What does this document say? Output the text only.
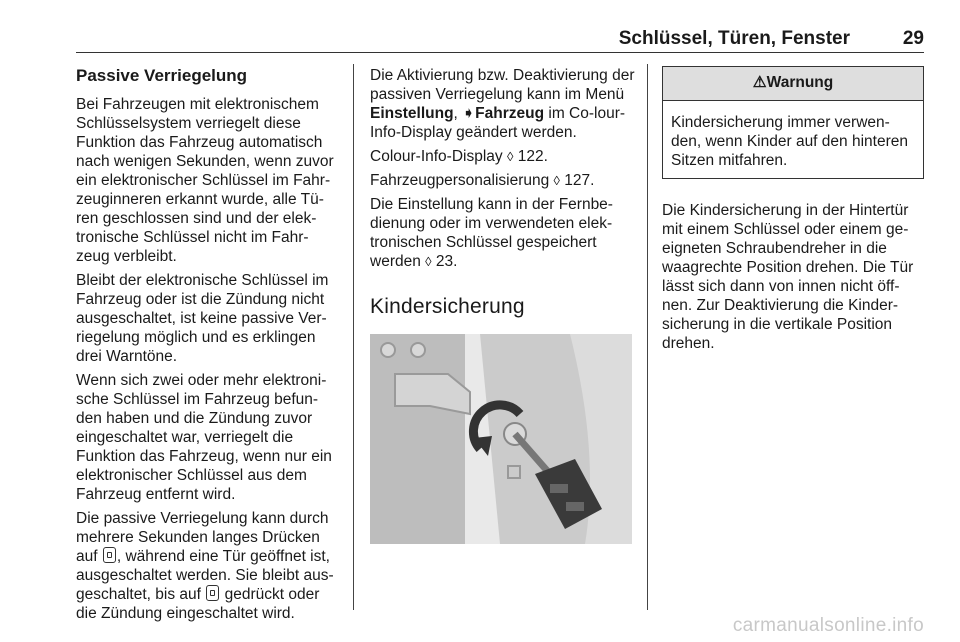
Schlüssel, Türen, Fenster	29
Passive Verriegelung

Bei Fahrzeugen mit elektronischem Schlüsselsystem verriegelt diese Funktion das Fahrzeug automatisch nach wenigen Sekunden, wenn zuvor ein elektronischer Schlüssel im Fahr-zeuginneren erkannt wurde, alle Tü-ren geschlossen sind und der elek-tronische Schlüssel nicht im Fahr-zeug verbleibt.

Bleibt der elektronische Schlüssel im Fahrzeug oder ist die Zündung nicht ausgeschaltet, ist keine passive Ver-riegelung möglich und es erklingen drei Warntöne.

Wenn sich zwei oder mehr elektroni-sche Schlüssel im Fahrzeug befun-den haben und die Zündung zuvor eingeschaltet war, verriegelt die Funktion das Fahrzeug, wenn nur ein elektronischer Schlüssel aus dem Fahrzeug entfernt wird.

Die passive Verriegelung kann durch mehrere Sekunden langes Drücken auf , während eine Tür geöffnet ist, ausgeschaltet werden. Sie bleibt aus-geschaltet, bis auf gedrückt oder die Zündung eingeschaltet wird.

Die Aktivierung bzw. Deaktivierung der passiven Verriegelung kann im Menü Einstellung, ➧Fahrzeug im Co-lour-Info-Display geändert werden.

Colour-Info-Display ◊ 122.

Fahrzeugpersonalisierung ◊ 127.

Die Einstellung kann in der Fernbe-dienung oder im verwendeten elek-tronischen Schlüssel gespeichert werden ◊ 23.

Kindersicherung
⚠Warnung
Kindersicherung immer verwen-den, wenn Kinder auf den hinteren Sitzen mitfahren.

Die Kindersicherung in der Hintertür mit einem Schlüssel oder einem ge-eigneten Schraubendreher in die waagrechte Position drehen. Die Tür lässt sich dann von innen nicht öff-nen. Zur Deaktivierung die Kinder-sicherung in die vertikale Position drehen.

carmanualsonline.info
